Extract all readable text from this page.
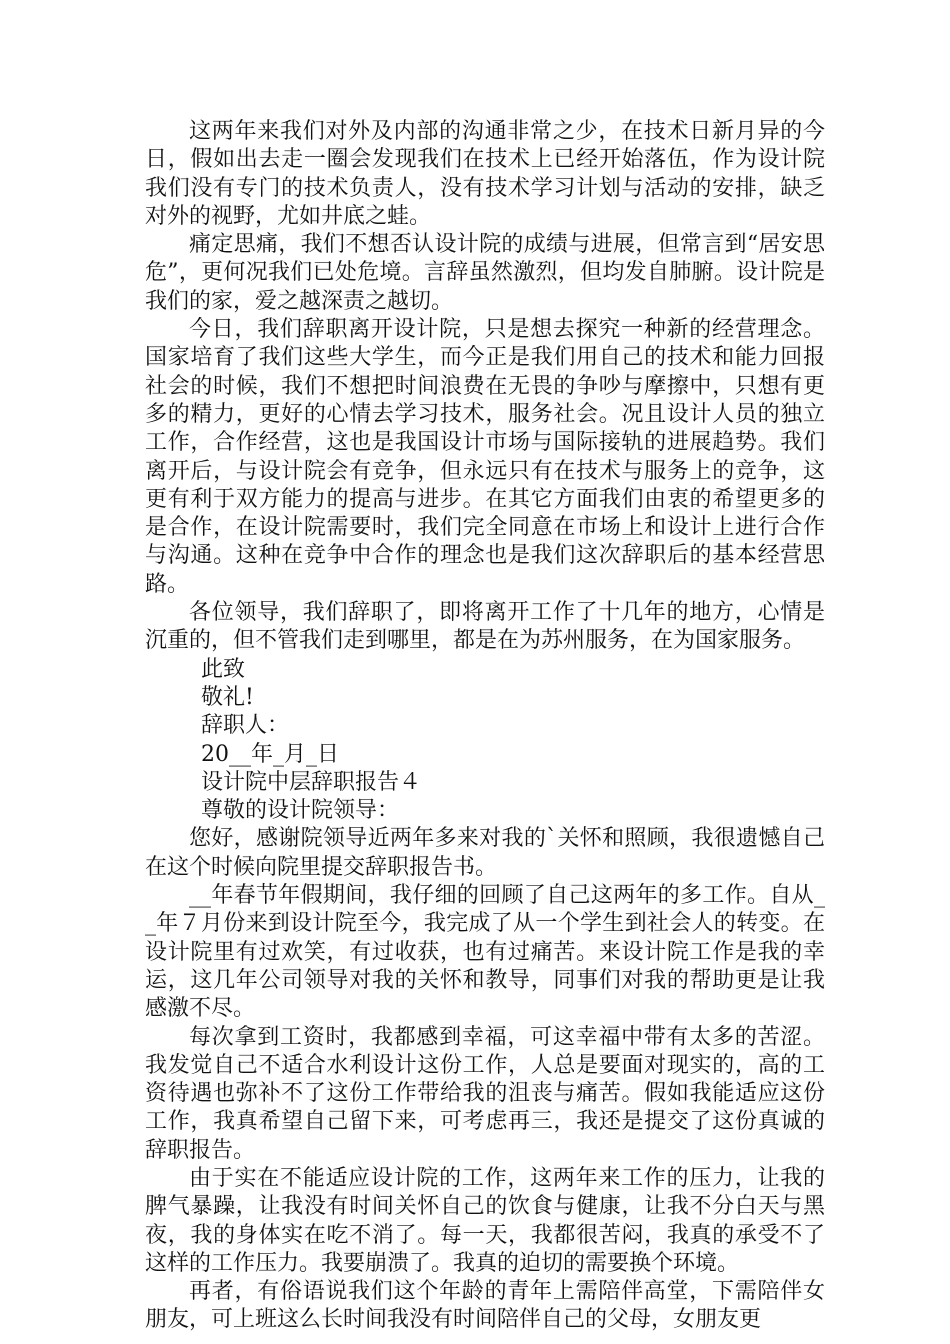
这两年来我们对外及内部的沟通非常之少，在技术日新月异的今日，假如出去走一圈会发现我们在技术上已经开始落伍，作为设计院我们没有专门的技术负责人，没有技术学习计划与活动的安排，缺乏对外的视野，尤如井底之蛙。

痛定思痛，我们不想否认设计院的成绩与进展，但常言到“居安思危”，更何况我们已处危境。言辞虽然激烈，但均发自肺腑。设计院是我们的家，爱之越深责之越切。

今日，我们辞职离开设计院，只是想去探究一种新的经营理念。国家培育了我们这些大学生，而今正是我们用自己的技术和能力回报社会的时候，我们不想把时间浪费在无畏的争吵与摩擦中，只想有更多的精力，更好的心情去学习技术，服务社会。况且设计人员的独立工作，合作经营，这也是我国设计市场与国际接轨的进展趋势。我们离开后，与设计院会有竞争，但永远只有在技术与服务上的竞争，这更有利于双方能力的提高与进步。在其它方面我们由衷的希望更多的是合作，在设计院需要时，我们完全同意在市场上和设计上进行合作与沟通。这种在竞争中合作的理念也是我们这次辞职后的基本经营思路。

各位领导，我们辞职了，即将离开工作了十几年的地方，心情是沉重的，但不管我们走到哪里，都是在为苏州服务，在为国家服务。

此致

敬礼!

辞职人：

20__年_月_日

设计院中层辞职报告４

尊敬的设计院领导：

您好，感谢院领导近两年多来对我的`关怀和照顾，我很遗憾自己在这个时候向院里提交辞职报告书。

__年春节年假期间，我仔细的回顾了自己这两年的多工作。自从__年７月份来到设计院至今，我完成了从一个学生到社会人的转变。在设计院里有过欢笑，有过收获，也有过痛苦。来设计院工作是我的幸运，这几年公司领导对我的关怀和教导，同事们对我的帮助更是让我感激不尽。

每次拿到工资时，我都感到幸福，可这幸福中带有太多的苦涩。我发觉自己不适合水利设计这份工作，人总是要面对现实的，高的工资待遇也弥补不了这份工作带给我的沮丧与痛苦。假如我能适应这份工作，我真希望自己留下来，可考虑再三，我还是提交了这份真诚的辞职报告。

由于实在不能适应设计院的工作，这两年来工作的压力，让我的脾气暴躁，让我没有时间关怀自己的饮食与健康，让我不分白天与黑夜，我的身体实在吃不消了。每一天，我都很苦闷，我真的承受不了这样的工作压力。我要崩溃了。我真的迫切的需要换个环境。

再者，有俗语说我们这个年龄的青年上需陪伴高堂，下需陪伴女朋友，可上班这么长时间我没有时间陪伴自己的父母，女朋友更
